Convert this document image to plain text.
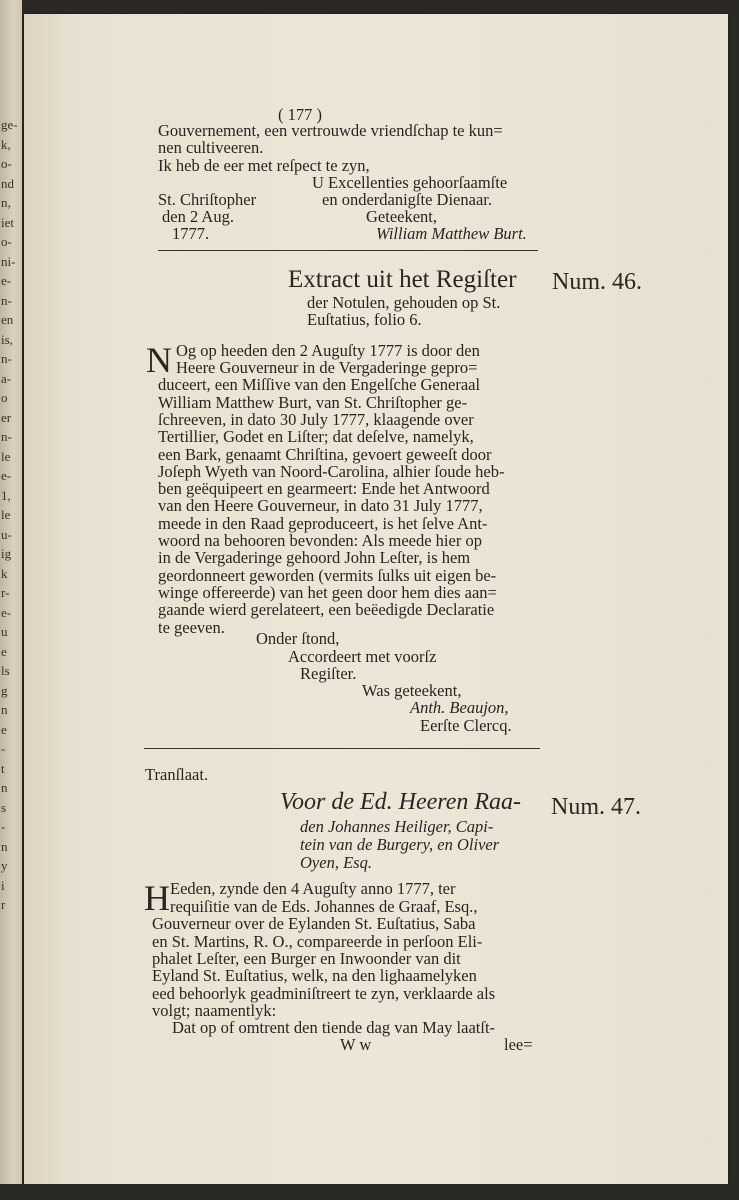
ge-
k,
o-
nd
n,
iet
o-
ni-
e-
n-
en
is,
n-
a-
o
er
n-
le
e-
1,
le
u-
ig
k
r-
e-
u
e
ls
g
n
e
-
t
n
s
-
n
y
i
r
( 177 )
Gouvernement, een vertrouwde vriendſchap te kun=
nen cultiveeren.
Ik heb de eer met reſpect te zyn,
U Excellenties gehoorſaamſte
St. Chriſtopher	en onderdanigſte Dienaar.
den 2 Aug.	Geteekent,
1777.	William Matthew Burt.
Extract uit het Regiſter Num. 46.
der Notulen, gehouden op St.
Euſtatius, folio 6.
N Og op heeden den 2 Auguſty 1777 is door den
Heere Gouverneur in de Vergaderinge gepro=
duceert, een Miſſive van den Engelſche Generaal
William Matthew Burt, van St. Chriſtopher ge-
ſchreeven, in dato 30 July 1777, klaagende over
Tertillier, Godet en Liſter; dat deſelve, namelyk,
een Bark, genaamt Chriſtina, gevoert geweeſt door
Joſeph Wyeth van Noord-Carolina, alhier ſoude heb-
ben geëquipeert en gearmeert: Ende het Antwoord
van den Heere Gouverneur, in dato 31 July 1777,
meede in den Raad geproduceert, is het ſelve Ant-
woord na behooren bevonden: Als meede hier op
in de Vergaderinge gehoord John Leſter, is hem
geordonneert geworden (vermits ſulks uit eigen be-
winge offereerde) van het geen door hem dies aan=
gaande wierd gerelateert, een beëedigde Declaratie
te geeven.
Onder ſtond,
Accordeert met voorſz
Regiſter.
Was geteekent,
Anth. Beaujon,
Eerſte Clercq.
Tranſlaat.
Voor de Ed. Heeren Raa- Num. 47.
den Johannes Heiliger, Capi-
tein van de Burgery, en Oliver
Oyen, Esq.
H Eeden, zynde den 4 Auguſty anno 1777, ter
requiſitie van de Eds. Johannes de Graaf, Esq.,
Gouverneur over de Eylanden St. Euſtatius, Saba
en St. Martins, R. O., compareerde in perſoon Eli-
phalet Leſter, een Burger en Inwoonder van dit
Eyland St. Euſtatius, welk, na den lighaamelyken
eed behoorlyk geadminiſtreert te zyn, verklaarde als
volgt; naamentlyk:
Dat op of omtrent den tiende dag van May laatſt-
W w	lee=
